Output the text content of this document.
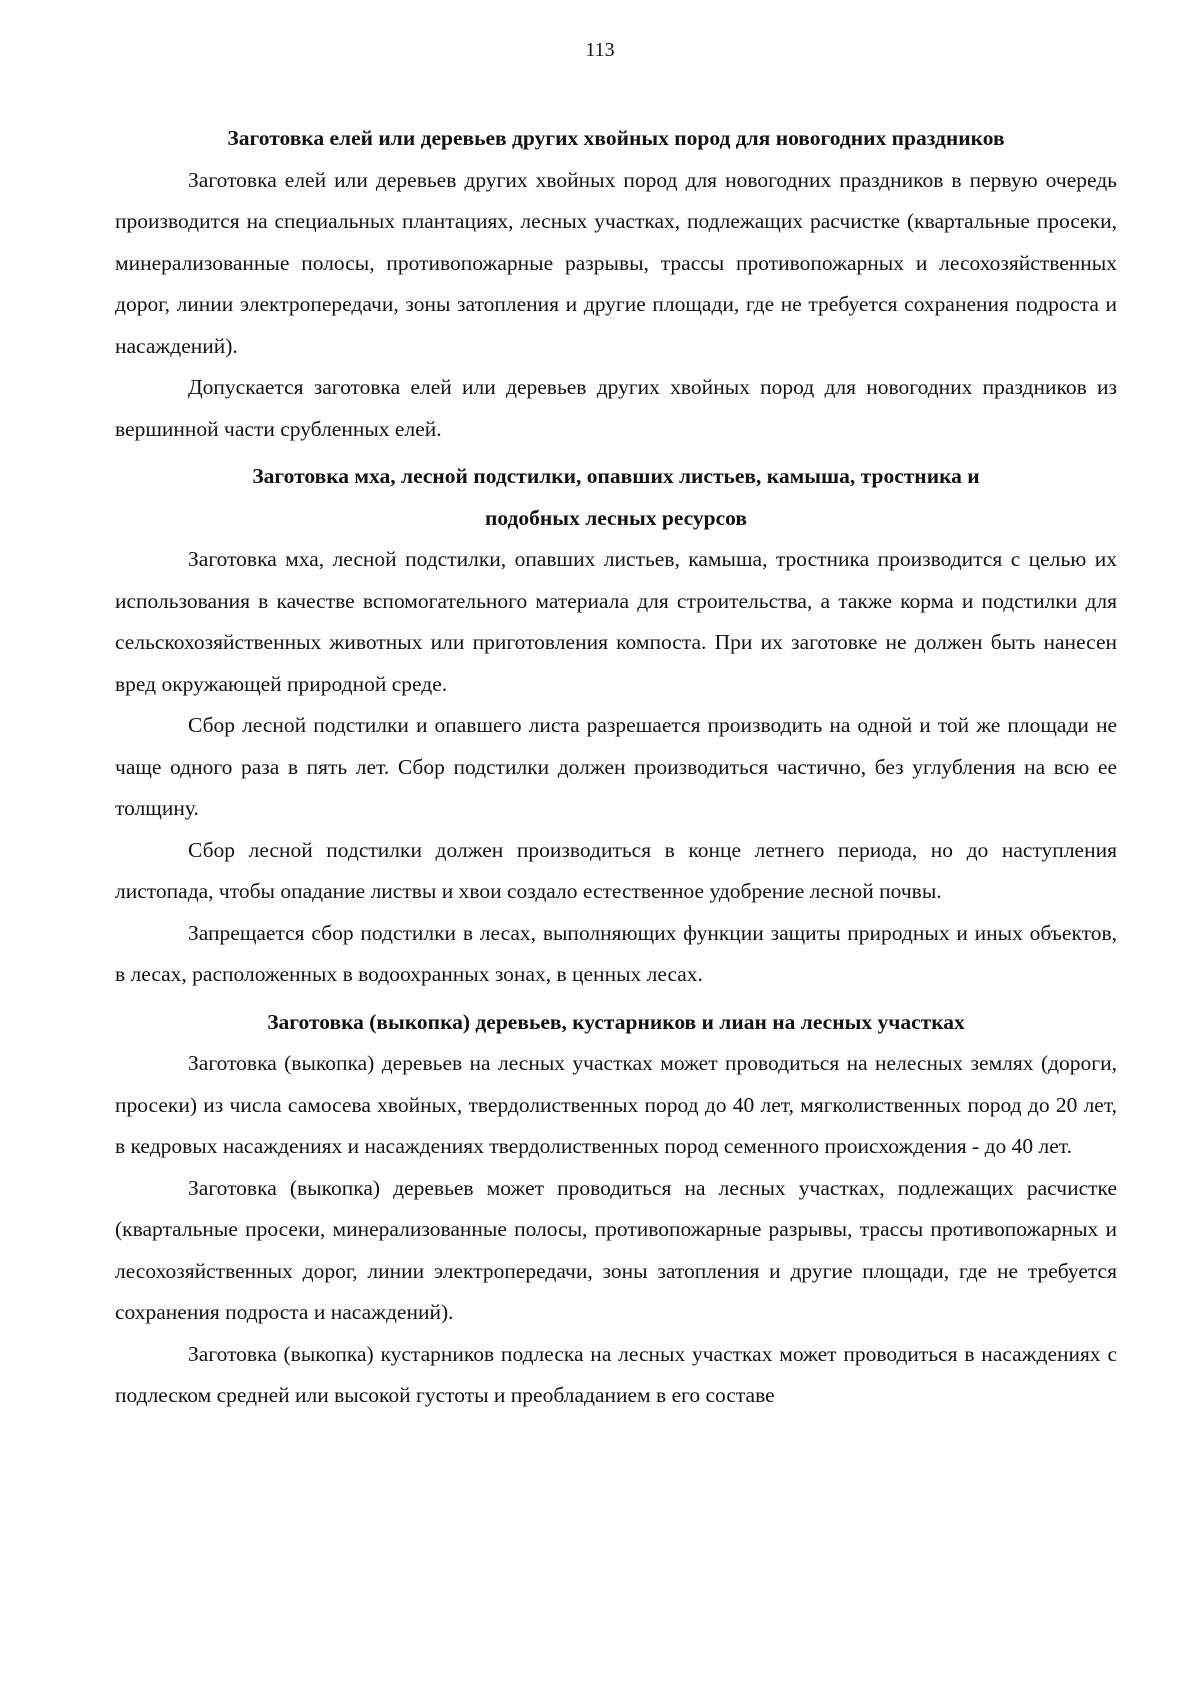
113
Заготовка елей или деревьев других хвойных пород для новогодних праздников

Заготовка елей или деревьев других хвойных пород для новогодних праздников в первую очередь производится на специальных плантациях, лесных участках, подлежащих расчистке (квартальные просеки, минерализованные полосы, противопожарные разрывы, трассы противопожарных и лесохозяйственных дорог, линии электропередачи, зоны затопления и другие площади, где не требуется сохранения подроста и насаждений).

Допускается заготовка елей или деревьев других хвойных пород для новогодних праздников из вершинной части срубленных елей.

Заготовка мха, лесной подстилки, опавших листьев, камыша, тростника и подобных лесных ресурсов

Заготовка мха, лесной подстилки, опавших листьев, камыша, тростника производится с целью их использования в качестве вспомогательного материала для строительства, а также корма и подстилки для сельскохозяйственных животных или приготовления компоста. При их заготовке не должен быть нанесен вред окружающей природной среде.

Сбор лесной подстилки и опавшего листа разрешается производить на одной и той же площади не чаще одного раза в пять лет. Сбор подстилки должен производиться частично, без углубления на всю ее толщину.

Сбор лесной подстилки должен производиться в конце летнего периода, но до наступления листопада, чтобы опадание листвы и хвои создало естественное удобрение лесной почвы.

Запрещается сбор подстилки в лесах, выполняющих функции защиты природных и иных объектов, в лесах, расположенных в водоохранных зонах, в ценных лесах.

Заготовка (выкопка) деревьев, кустарников и лиан на лесных участках

Заготовка (выкопка) деревьев на лесных участках может проводиться на нелесных землях (дороги, просеки) из числа самосева хвойных, твердолиственных пород до 40 лет, мягколиственных пород до 20 лет, в кедровых насаждениях и насаждениях твердолиственных пород семенного происхождения - до 40 лет.

Заготовка (выкопка) деревьев может проводиться на лесных участках, подлежащих расчистке (квартальные просеки, минерализованные полосы, противопожарные разрывы, трассы противопожарных и лесохозяйственных дорог, линии электропередачи, зоны затопления и другие площади, где не требуется сохранения подроста и насаждений).

Заготовка (выкопка) кустарников подлеска на лесных участках может проводиться в насаждениях с подлеском средней или высокой густоты и преобладанием в его составе
